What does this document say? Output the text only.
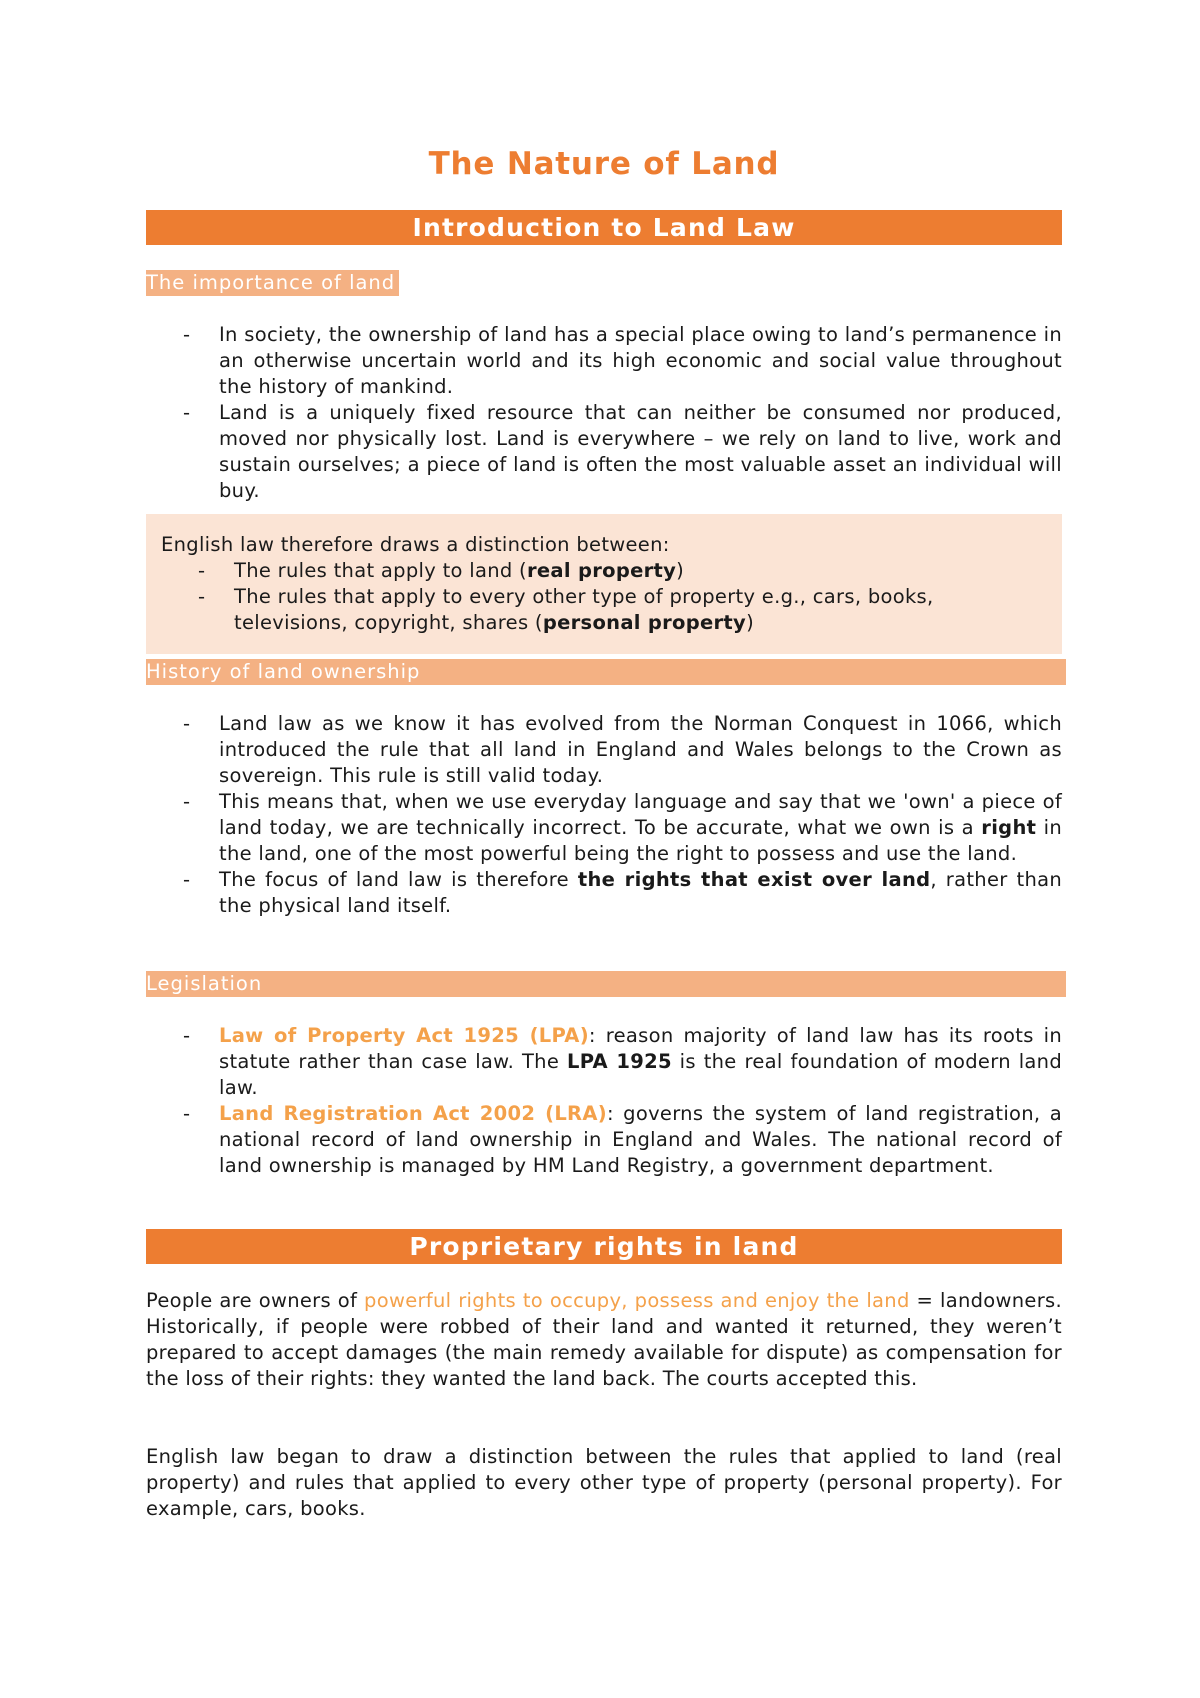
The Nature of Land
Introduction to Land Law
The importance of land
- In society, the ownership of land has a special place owing to land’s permanence in an otherwise uncertain world and its high economic and social value throughout the history of mankind.
- Land is a uniquely fixed resource that can neither be consumed nor produced, moved nor physically lost. Land is everywhere – we rely on land to live, work and sustain ourselves; a piece of land is often the most valuable asset an individual will buy.
English law therefore draws a distinction between:
- The rules that apply to land (real property)
- The rules that apply to every other type of property e.g., cars, books, televisions, copyright, shares (personal property)
History of land ownership
- Land law as we know it has evolved from the Norman Conquest in 1066, which introduced the rule that all land in England and Wales belongs to the Crown as sovereign. This rule is still valid today.
- This means that, when we use everyday language and say that we 'own' a piece of land today, we are technically incorrect. To be accurate, what we own is a right in the land, one of the most powerful being the right to possess and use the land.
- The focus of land law is therefore the rights that exist over land, rather than the physical land itself.
Legislation
- Law of Property Act 1925 (LPA): reason majority of land law has its roots in statute rather than case law. The LPA 1925 is the real foundation of modern land law.
- Land Registration Act 2002 (LRA): governs the system of land registration, a national record of land ownership in England and Wales. The national record of land ownership is managed by HM Land Registry, a government department.
Proprietary rights in land

People are owners of powerful rights to occupy, possess and enjoy the land = landowners. Historically, if people were robbed of their land and wanted it returned, they weren’t prepared to accept damages (the main remedy available for dispute) as compensation for the loss of their rights: they wanted the land back. The courts accepted this.

English law began to draw a distinction between the rules that applied to land (real property) and rules that applied to every other type of property (personal property). For example, cars, books.
